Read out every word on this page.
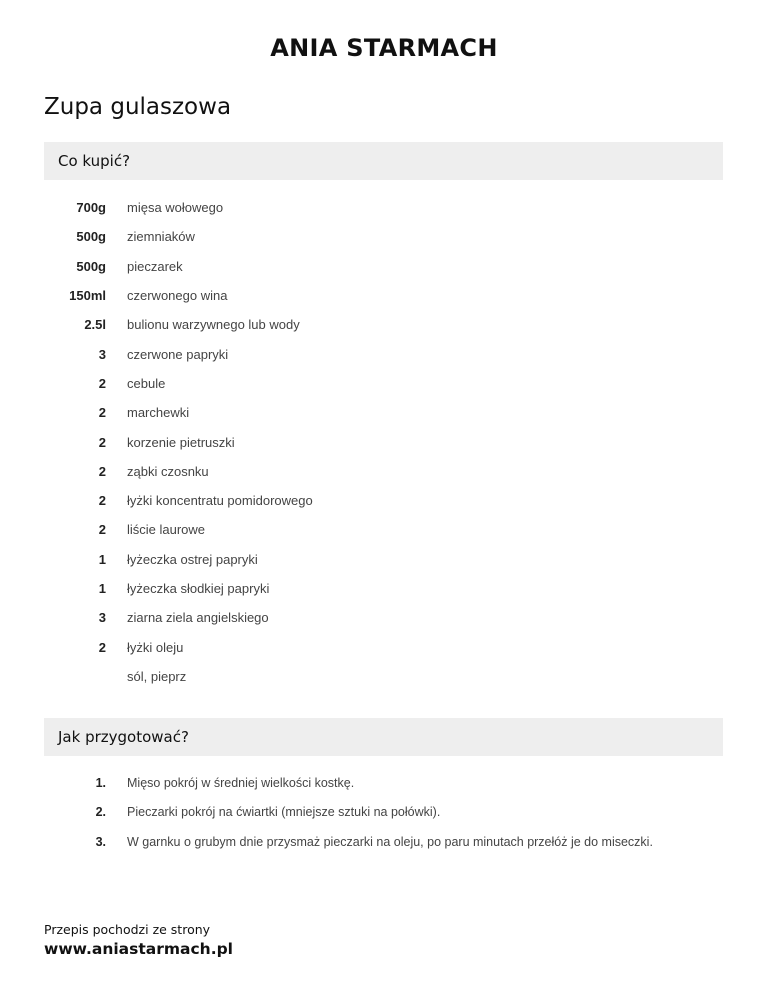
ANIA STARMACH
Zupa gulaszowa
Co kupić?
700g mięsa wołowego
500g ziemniaków
500g pieczarek
150ml czerwonego wina
2.5l bulionu warzywnego lub wody
3 czerwone papryki
2 cebule
2 marchewki
2 korzenie pietruszki
2 ząbki czosnku
2 łyżki koncentratu pomidorowego
2 liście laurowe
1 łyżeczka ostrej papryki
1 łyżeczka słodkiej papryki
3 ziarna ziela angielskiego
2 łyżki oleju
sól, pieprz
Jak przygotować?
1. Mięso pokrój w średniej wielkości kostkę.
2. Pieczarki pokrój na ćwiartki (mniejsze sztuki na połówki).
3. W garnku o grubym dnie przysmaż pieczarki na oleju, po paru minutach przełóż je do miseczki.
Przepis pochodzi ze strony
www.aniastarmach.pl
